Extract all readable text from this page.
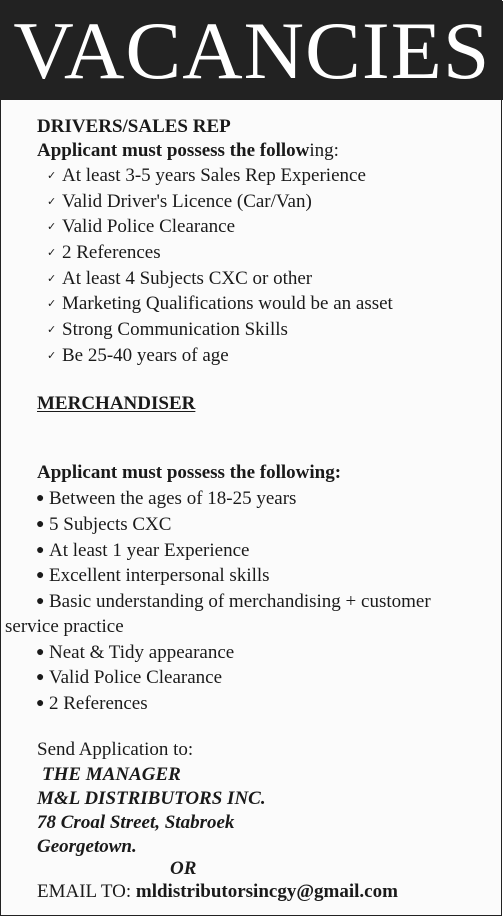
VACANCIES
DRIVERS/SALES REP
Applicant must possess the following:
✓ At least 3-5 years Sales Rep Experience
✓ Valid Driver's Licence (Car/Van)
✓ Valid Police Clearance
✓ 2 References
✓ At least 4 Subjects CXC or other
✓ Marketing Qualifications would be an asset
✓ Strong Communication Skills
✓ Be 25-40 years of age
MERCHANDISER
Applicant must possess the following:
● Between the ages of 18-25 years
● 5 Subjects CXC
● At least 1 year Experience
● Excellent interpersonal skills
● Basic understanding of merchandising + customer
service practice
● Neat & Tidy appearance
● Valid Police Clearance
● 2 References
Send Application to:
THE MANAGER
M&L DISTRIBUTORS INC.
78 Croal Street, Stabroek
Georgetown.
OR
EMAIL TO: mldistributorsincgy@gmail.com
